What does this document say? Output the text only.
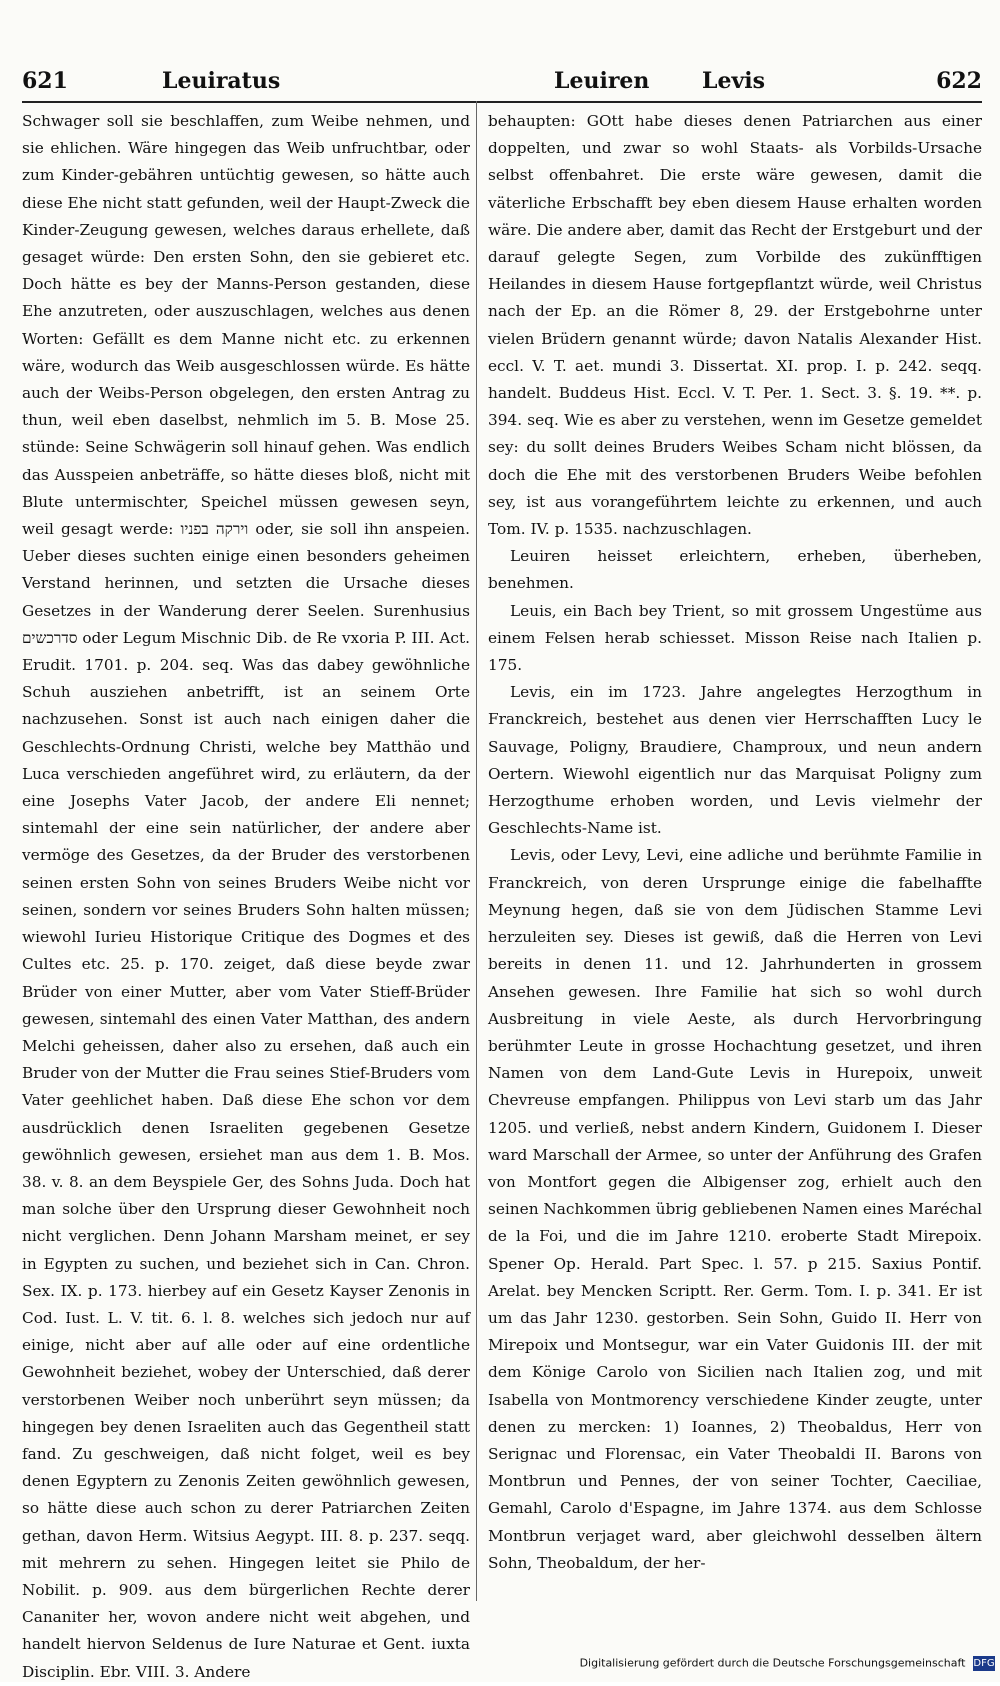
621	Leuiratus	Leuiren Levis	622

Schwager soll sie beschlaffen, zum Weibe nehmen, und sie ehlichen. Wäre hingegen das Weib unfruchtbar, oder zum Kinder-gebähren untüchtig gewesen, so hätte auch diese Ehe nicht statt gefunden, weil der Haupt-Zweck die Kinder-Zeugung gewesen, welches daraus erhellete, daß gesaget würde: Den ersten Sohn, den sie gebieret etc. Doch hätte es bey der Manns-Person gestanden, diese Ehe anzutreten, oder auszuschlagen, welches aus denen Worten: Gefällt es dem Manne nicht etc. zu erkennen wäre, wodurch das Weib ausgeschlossen würde. Es hätte auch der Weibs-Person obgelegen, den ersten Antrag zu thun, weil eben daselbst, nehmlich im 5. B. Mose 25. stünde: Seine Schwägerin soll hinauf gehen. Was endlich das Ausspeien anbeträffe, so hätte dieses bloß, nicht mit Blute untermischter, Speichel müssen gewesen seyn, weil gesagt werde: וירקה בפניו oder, sie soll ihn anspeien. Ueber dieses suchten einige einen besonders geheimen Verstand herinnen, und setzten die Ursache dieses Gesetzes in der Wanderung derer Seelen. Surenhusius סדרכשים oder Legum Mischnic Dib. de Re vxoria P. III. Act. Erudit. 1701. p. 204. seq. Was das dabey gewöhnliche Schuh ausziehen anbetrifft, ist an seinem Orte nachzusehen. Sonst ist auch nach einigen daher die Geschlechts-Ordnung Christi, welche bey Matthäo und Luca verschieden angeführet wird, zu erläutern, da der eine Josephs Vater Jacob, der andere Eli nennet; sintemahl der eine sein natürlicher, der andere aber vermöge des Gesetzes, da der Bruder des verstorbenen seinen ersten Sohn von seines Bruders Weibe nicht vor seinen, sondern vor seines Bruders Sohn halten müssen; wiewohl Iurieu Historique Critique des Dogmes et des Cultes etc. 25. p. 170. zeiget, daß diese beyde zwar Brüder von einer Mutter, aber vom Vater Stieff-Brüder gewesen, sintemahl des einen Vater Matthan, des andern Melchi geheissen, daher also zu ersehen, daß auch ein Bruder von der Mutter die Frau seines Stief-Bruders vom Vater geehlichet haben. Daß diese Ehe schon vor dem ausdrücklich denen Israeliten gegebenen Gesetze gewöhnlich gewesen, ersiehet man aus dem 1. B. Mos. 38. v. 8. an dem Beyspiele Ger, des Sohns Juda. Doch hat man solche über den Ursprung dieser Gewohnheit noch nicht verglichen. Denn Johann Marsham meinet, er sey in Egypten zu suchen, und beziehet sich in Can. Chron. Sex. IX. p. 173. hierbey auf ein Gesetz Kayser Zenonis in Cod. Iust. L. V. tit. 6. l. 8. welches sich jedoch nur auf einige, nicht aber auf alle oder auf eine ordentliche Gewohnheit beziehet, wobey der Unterschied, daß derer verstorbenen Weiber noch unberührt seyn müssen; da hingegen bey denen Israeliten auch das Gegentheil statt fand. Zu geschweigen, daß nicht folget, weil es bey denen Egyptern zu Zenonis Zeiten gewöhnlich gewesen, so hätte diese auch schon zu derer Patriarchen Zeiten gethan, davon Herm. Witsius Aegypt. III. 8. p. 237. seqq. mit mehrern zu sehen. Hingegen leitet sie Philo de Nobilit. p. 909. aus dem bürgerlichen Rechte derer Cananiter her, wovon andere nicht weit abgehen, und handelt hiervon Seldenus de Iure Naturae et Gent. iuxta Disciplin. Ebr. VIII. 3. Andere

behaupten: GOtt habe dieses denen Patriarchen aus einer doppelten, und zwar so wohl Staats- als Vorbilds-Ursache selbst offenbahret. Die erste wäre gewesen, damit die väterliche Erbschafft bey eben diesem Hause erhalten worden wäre. Die andere aber, damit das Recht der Erstgeburt und der darauf gelegte Segen, zum Vorbilde des zukünfftigen Heilandes in diesem Hause fortgepflantzt würde, weil Christus nach der Ep. an die Römer 8, 29. der Erstgebohrne unter vielen Brüdern genannt würde; davon Natalis Alexander Hist. eccl. V. T. aet. mundi 3. Dissertat. XI. prop. I. p. 242. seqq. handelt. Buddeus Hist. Eccl. V. T. Per. 1. Sect. 3. §. 19. **. p. 394. seq. Wie es aber zu verstehen, wenn im Gesetze gemeldet sey: du sollt deines Bruders Weibes Scham nicht blössen, da doch die Ehe mit des verstorbenen Bruders Weibe befohlen sey, ist aus vorangeführtem leichte zu erkennen, und auch Tom. IV. p. 1535. nachzuschlagen.

Leuiren heisset erleichtern, erheben, überheben, benehmen.

Leuis, ein Bach bey Trient, so mit grossem Ungestüme aus einem Felsen herab schiesset. Misson Reise nach Italien p. 175.

Levis, ein im 1723. Jahre angelegtes Herzogthum in Franckreich, bestehet aus denen vier Herrschafften Lucy le Sauvage, Poligny, Braudiere, Champroux, und neun andern Oertern. Wiewohl eigentlich nur das Marquisat Poligny zum Herzogthume erhoben worden, und Levis vielmehr der Geschlechts-Name ist.

Levis, oder Levy, Levi, eine adliche und berühmte Familie in Franckreich, von deren Ursprunge einige die fabelhaffte Meynung hegen, daß sie von dem Jüdischen Stamme Levi herzuleiten sey. Dieses ist gewiß, daß die Herren von Levi bereits in denen 11. und 12. Jahrhunderten in grossem Ansehen gewesen. Ihre Familie hat sich so wohl durch Ausbreitung in viele Aeste, als durch Hervorbringung berühmter Leute in grosse Hochachtung gesetzet, und ihren Namen von dem Land-Gute Levis in Hurepoix, unweit Chevreuse empfangen. Philippus von Levi starb um das Jahr 1205. und verließ, nebst andern Kindern, Guidonem I. Dieser ward Marschall der Armee, so unter der Anführung des Grafen von Montfort gegen die Albigenser zog, erhielt auch den seinen Nachkommen übrig gebliebenen Namen eines Maréchal de la Foi, und die im Jahre 1210. eroberte Stadt Mirepoix. Spener Op. Herald. Part Spec. l. 57. p 215. Saxius Pontif. Arelat. bey Mencken Scriptt. Rer. Germ. Tom. I. p. 341. Er ist um das Jahr 1230. gestorben. Sein Sohn, Guido II. Herr von Mirepoix und Montsegur, war ein Vater Guidonis III. der mit dem Könige Carolo von Sicilien nach Italien zog, und mit Isabella von Montmorency verschiedene Kinder zeugte, unter denen zu mercken: 1) Ioannes, 2) Theobaldus, Herr von Serignac und Florensac, ein Vater Theobaldi II. Barons von Montbrun und Pennes, der von seiner Tochter, Caeciliae, Gemahl, Carolo d'Espagne, im Jahre 1374. aus dem Schlosse Montbrun verjaget ward, aber gleichwohl desselben ältern Sohn, Theobaldum, der her-

Digitalisierung gefördert durch die Deutsche Forschungsgemeinschaft DFG
